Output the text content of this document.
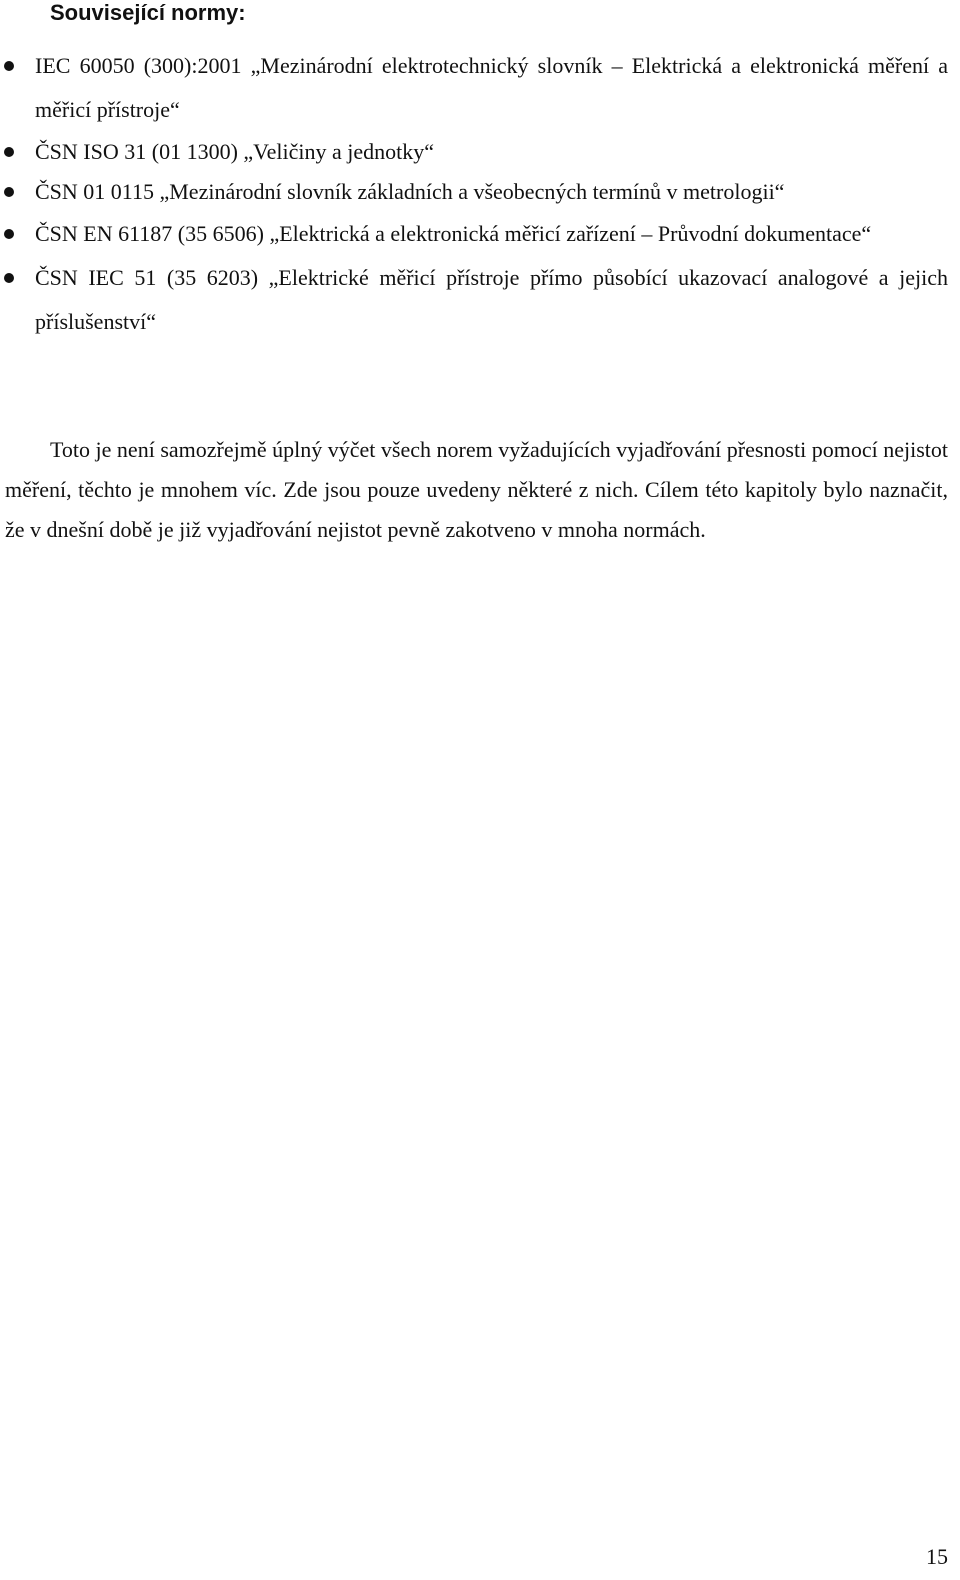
Související normy:
IEC 60050 (300):2001 „Mezinárodní elektrotechnický slovník – Elektrická a elektronická měření a měřicí přístroje“
ČSN ISO 31 (01 1300) „Veličiny a jednotky“
ČSN 01 0115 „Mezinárodní slovník základních a všeobecných termínů v metrologii“
ČSN EN 61187 (35 6506) „Elektrická a elektronická měřicí zařízení – Průvodní dokumentace“
ČSN IEC 51 (35 6203) „Elektrické měřicí přístroje přímo působící ukazovací analogové a jejich příslušenství“

Toto je není samozřejmě úplný výčet všech norem vyžadujících vyjadřování přesnosti pomocí nejistot měření, těchto je mnohem víc. Zde jsou pouze uvedeny některé z nich. Cílem této kapitoly bylo naznačit, že v dnešní době je již vyjadřování nejistot pevně zakotveno v mnoha normách.

15
